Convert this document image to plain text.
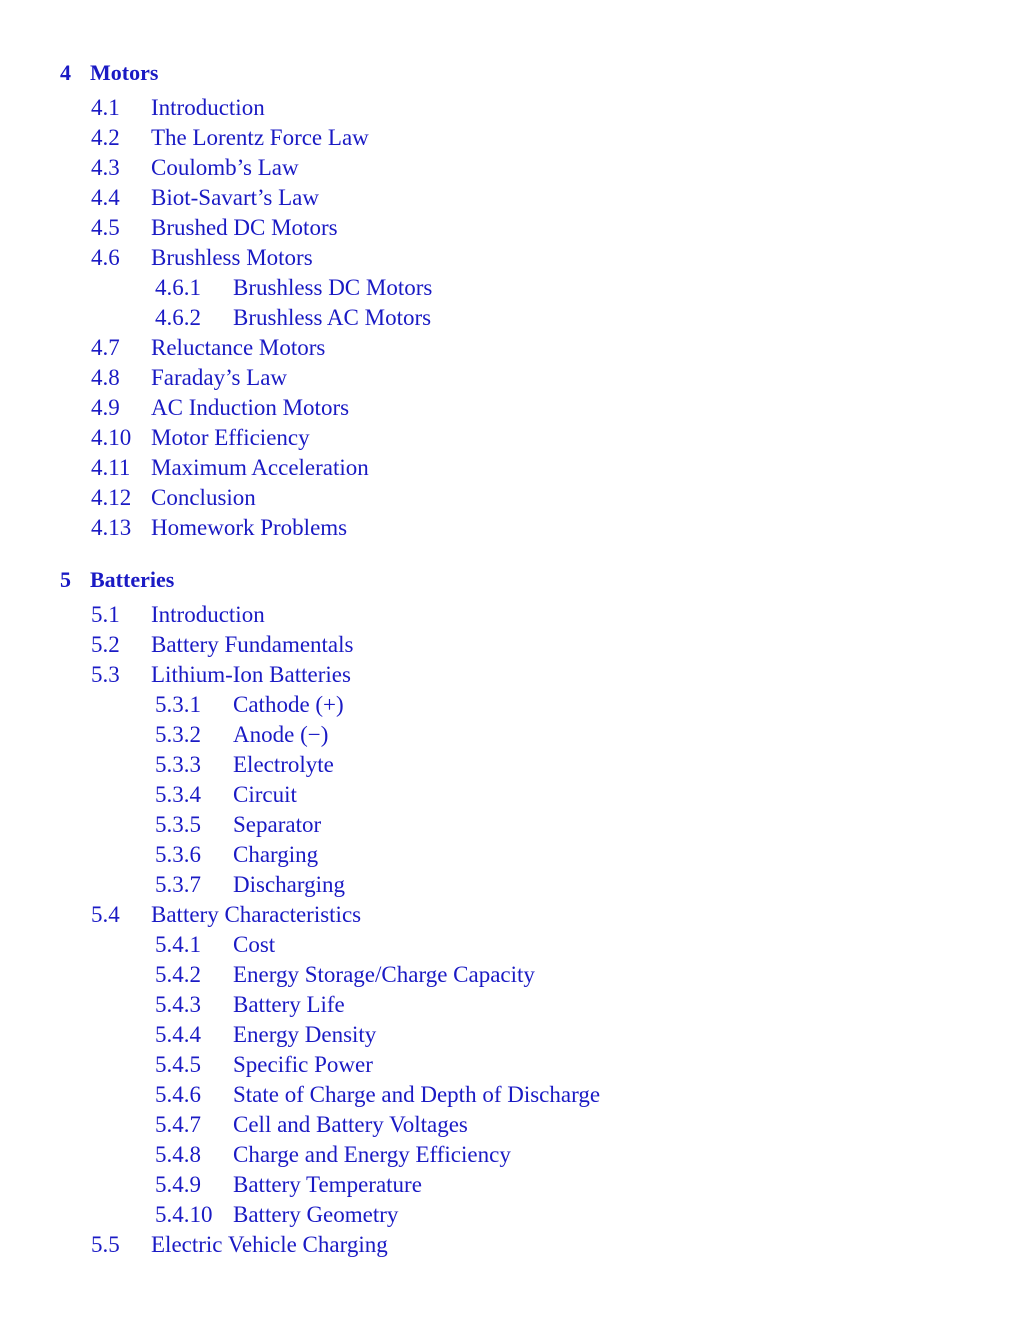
4 Motors
4.1 Introduction
4.2 The Lorentz Force Law
4.3 Coulomb’s Law
4.4 Biot-Savart’s Law
4.5 Brushed DC Motors
4.6 Brushless Motors
4.6.1 Brushless DC Motors
4.6.2 Brushless AC Motors
4.7 Reluctance Motors
4.8 Faraday’s Law
4.9 AC Induction Motors
4.10 Motor Efficiency
4.11 Maximum Acceleration
4.12 Conclusion
4.13 Homework Problems
5 Batteries
5.1 Introduction
5.2 Battery Fundamentals
5.3 Lithium-Ion Batteries
5.3.1 Cathode (+)
5.3.2 Anode (−)
5.3.3 Electrolyte
5.3.4 Circuit
5.3.5 Separator
5.3.6 Charging
5.3.7 Discharging
5.4 Battery Characteristics
5.4.1 Cost
5.4.2 Energy Storage/Charge Capacity
5.4.3 Battery Life
5.4.4 Energy Density
5.4.5 Specific Power
5.4.6 State of Charge and Depth of Discharge
5.4.7 Cell and Battery Voltages
5.4.8 Charge and Energy Efficiency
5.4.9 Battery Temperature
5.4.10 Battery Geometry
5.5 Electric Vehicle Charging
